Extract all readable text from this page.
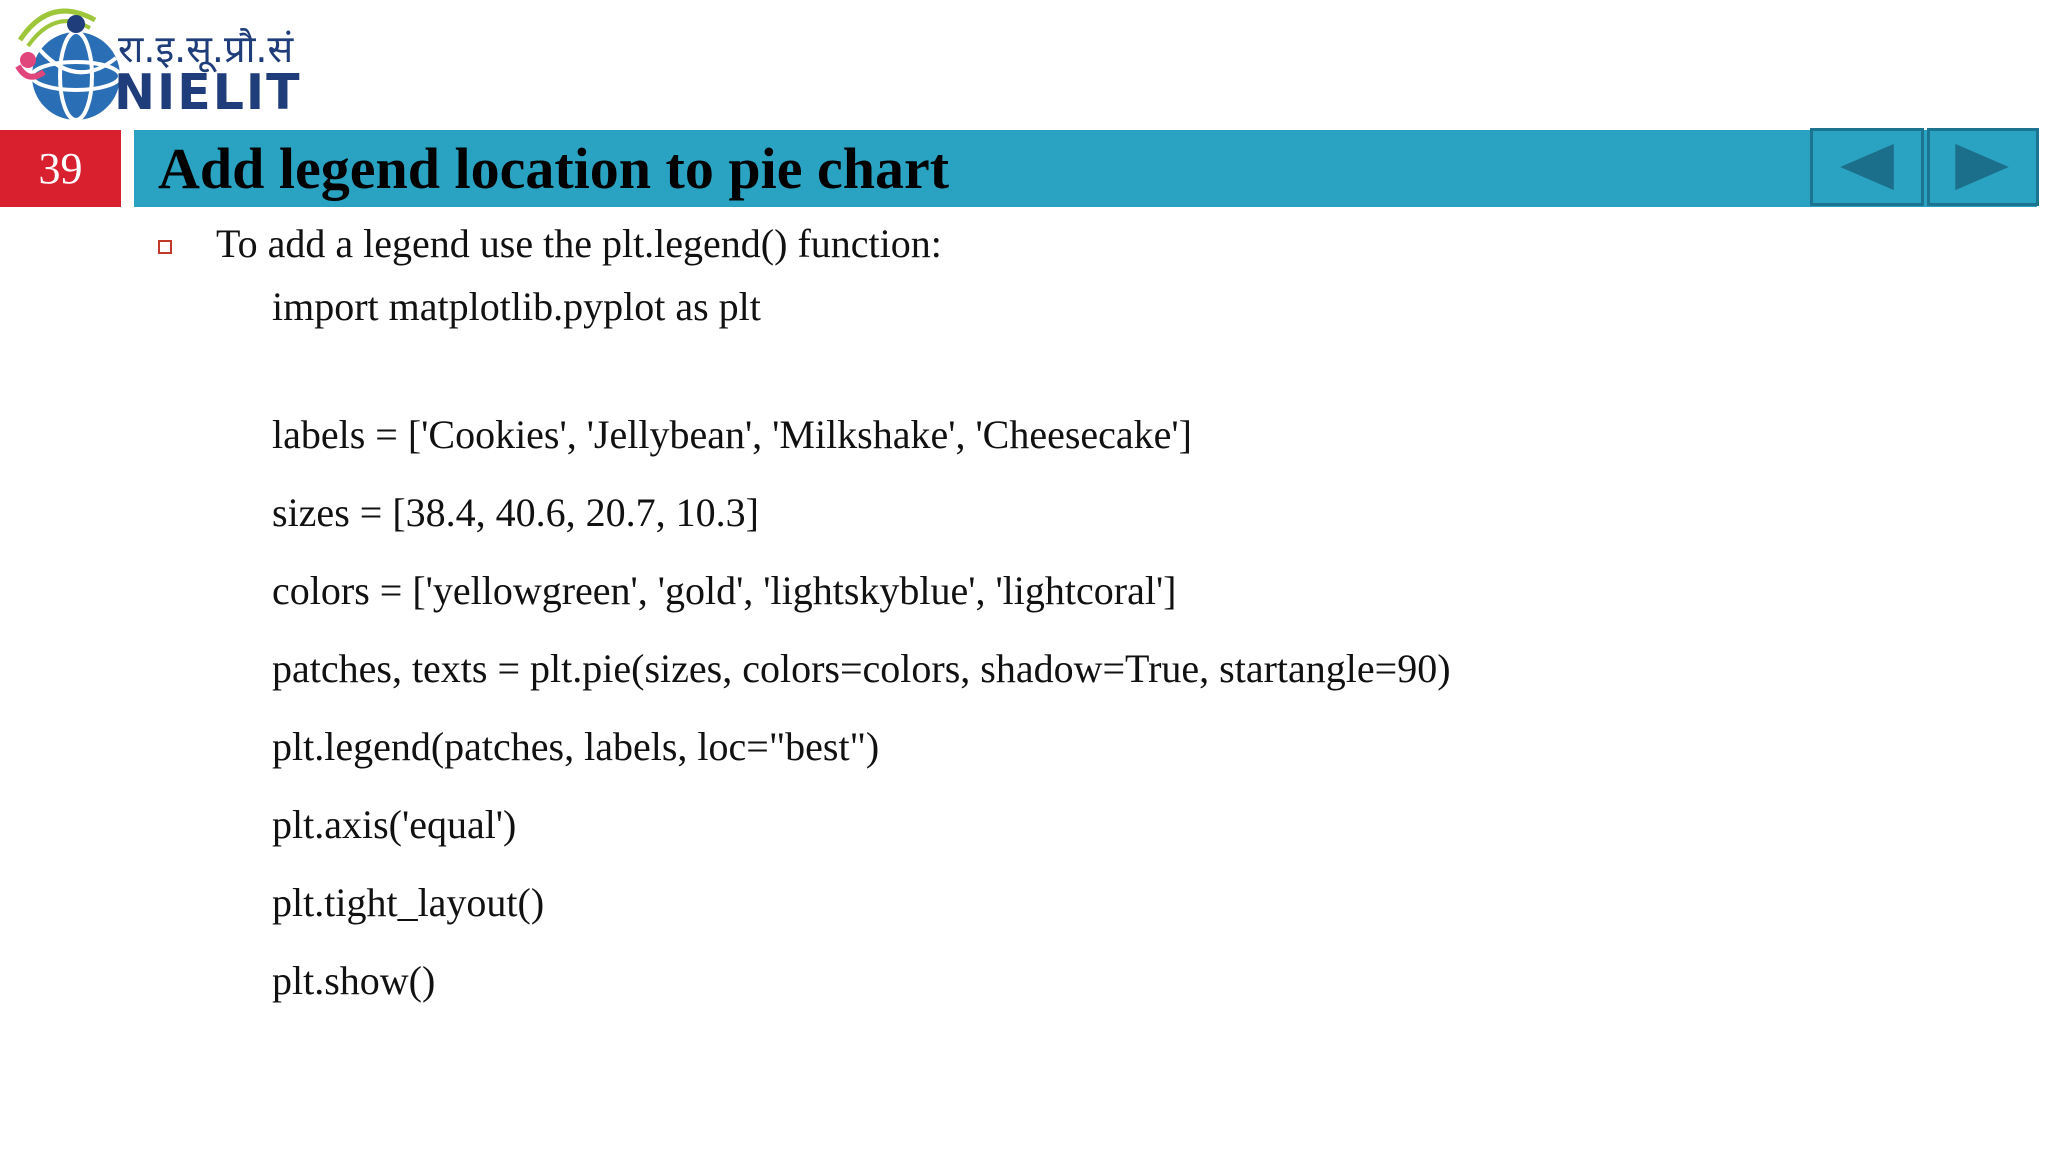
रा.इ.सू.प्रौ.सं
NIELIT
39	Add legend location to pie chart
To add a legend use the plt.legend() function:
import matplotlib.pyplot as plt
labels = ['Cookies', 'Jellybean', 'Milkshake', 'Cheesecake']
sizes = [38.4, 40.6, 20.7, 10.3]
colors = ['yellowgreen', 'gold', 'lightskyblue', 'lightcoral']
patches, texts = plt.pie(sizes, colors=colors, shadow=True, startangle=90)
plt.legend(patches, labels, loc="best")
plt.axis('equal')
plt.tight_layout()
plt.show()
